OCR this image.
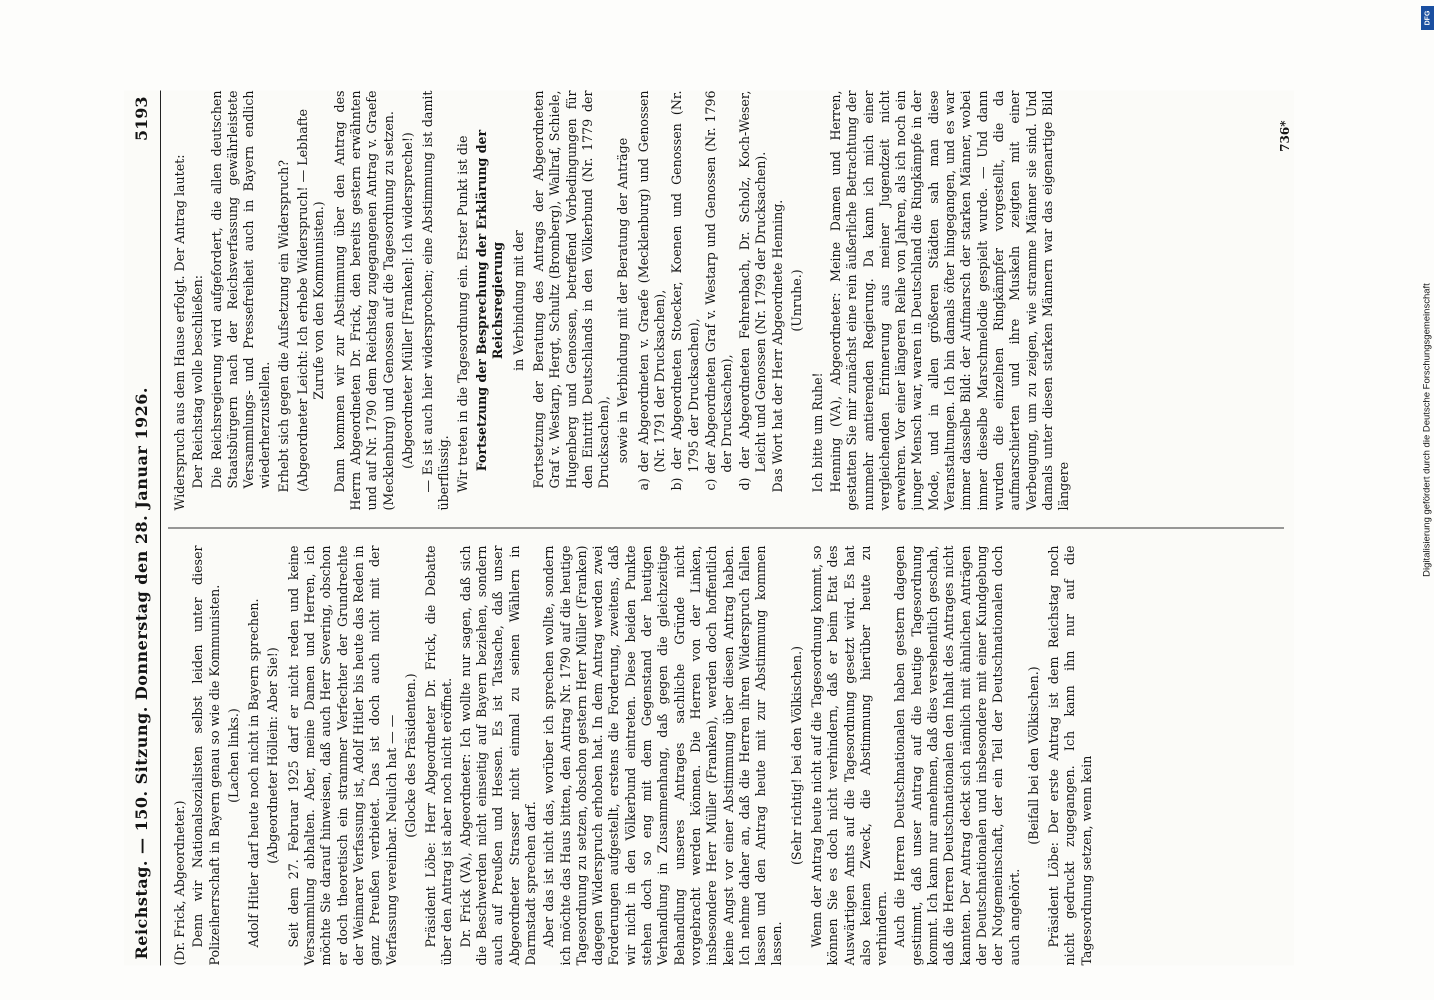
Reichstag. — 150. Sitzung. Donnerstag den 28. Januar 1926.
5193

(Dr. Frick, Abgeordneter.) Denn wir Nationalsozialisten selbst leiden unter dieser Polizeiherrschaft in Bayern genau so wie die Kommunisten. (Lachen links.) Adolf Hitler darf heute noch nicht in Bayern sprechen. (Abgeordneter Höllein: Aber Sie!) Seit dem 27. Februar 1925 darf er nicht reden und keine Versammlung abhalten. Aber, meine Damen und Herren, ich möchte Sie darauf hinweisen, daß auch Herr Severing, obschon er doch theoretisch ein strammer Verfechter der Grundrechte der Weimarer Verfassung ist, Adolf Hitler bis heute das Reden in ganz Preußen verbietet. Das ist doch auch nicht mit der Verfassung vereinbar. Neulich hat — — (Glocke des Präsidenten.) Präsident Löbe: Herr Abgeordneter Dr. Frick, die Debatte über den Antrag ist aber noch nicht eröffnet. Dr. Frick (VA), Abgeordneter: Ich wollte nur sagen, daß sich die Beschwerden nicht einseitig auf Bayern beziehen, sondern auch auf Preußen und Hessen. Es ist Tatsache, daß unser Abgeordneter Strasser nicht einmal zu seinen Wählern in Darmstadt sprechen darf. Aber das ist nicht das, worüber ich sprechen wollte, sondern ich möchte das Haus bitten, den Antrag Nr. 1790 auf die heutige Tagesordnung zu setzen, obschon gestern Herr Müller (Franken) dagegen Widerspruch erhoben hat. In dem Antrag werden zwei Forderungen aufgestellt, erstens die Forderung, zweitens, daß wir nicht in den Völkerbund eintreten. Diese beiden Punkte stehen doch so eng mit dem Gegenstand der heutigen Verhandlung in Zusammenhang, daß gegen die gleichzeitige Behandlung unseres Antrages sachliche Gründe nicht vorgebracht werden können. Die Herren von der Linken, insbesondere Herr Müller (Franken), werden doch hoffentlich keine Angst vor einer Abstimmung über diesen Antrag haben. Ich nehme daher an, daß die Herren ihren Widerspruch fallen lassen und den Antrag heute mit zur Abstimmung kommen lassen.

(Sehr richtig! bei den Völkischen.) Wenn der Antrag heute nicht auf die Tagesordnung kommt, so können Sie es doch nicht verhindern, daß er beim Etat des Auswärtigen Amts auf die Tagesordnung gesetzt wird. Es hat also keinen Zweck, die Abstimmung hierüber heute zu verhindern. Auch die Herren Deutschnationalen haben gestern dagegen gestimmt, daß unser Antrag auf die heutige Tagesordnung kommt. Ich kann nur annehmen, daß dies versehentlich geschah, daß die Herren Deutschnationalen den Inhalt des Antrages nicht kannten. Der Antrag deckt sich nämlich mit ähnlichen Anträgen der Deutschnationalen und insbesondere mit einer Kundgebung der Notgemeinschaft, der ein Teil der Deutschnationalen doch auch angehört.

(Beifall bei den Völkischen.) Präsident Löbe: Der erste Antrag ist dem Reichstag noch nicht gedruckt zugegangen. Ich kann ihn nur auf die Tagesordnung setzen, wenn kein

Widerspruch aus dem Hause erfolgt. Der Antrag lautet: Der Reichstag wolle beschließen: Die Reichsregierung wird aufgefordert, die allen deutschen Staatsbürgern nach der Reichsverfassung gewährleistete Versammlungs- und Pressefreiheit auch in Bayern endlich wiederherzustellen. Erhebt sich gegen die Aufsetzung ein Widerspruch? (Abgeordneter Leicht: Ich erhebe Widerspruch! — Lebhafte Zurufe von den Kommunisten.) Dann kommen wir zur Abstimmung über den Antrag des Herrn Abgeordneten Dr. Frick, den bereits gestern erwähnten und auf Nr. 1790 dem Reichstag zugegangenen Antrag v. Graefe (Mecklenburg) und Genossen auf die Tagesordnung zu setzen. (Abgeordneter Müller [Franken]: Ich widerspreche!) — Es ist auch hier widersprochen; eine Abstimmung ist damit überflüssig. Wir treten in die Tagesordnung ein. Erster Punkt ist die Fortsetzung der Besprechung der Erklärung der Reichsregierung in Verbindung mit der Fortsetzung der Beratung des Antrags der Abgeordneten Graf v. Westarp, Hergt, Schultz (Bromberg), Wallraf, Schiele, Hugenberg und Genossen, betreffend Vorbedingungen für den Eintritt Deutschlands in den Völkerbund (Nr. 1779 der Drucksachen), sowie in Verbindung mit der Beratung der Anträge a) der Abgeordneten v. Graefe (Mecklenburg) und Genossen (Nr. 1791 der Drucksachen), b) der Abgeordneten Stoecker, Koenen und Genossen (Nr. 1795 der Drucksachen), c) der Abgeordneten Graf v. Westarp und Genossen (Nr. 1796 der Drucksachen), d) der Abgeordneten Fehrenbach, Dr. Scholz, Koch-Weser, Leicht und Genossen (Nr. 1799 der Drucksachen). Das Wort hat der Herr Abgeordnete Henning. (Unruhe.)

Ich bitte um Ruhe! Henning (VA), Abgeordneter: Meine Damen und Herren, gestatten Sie mir zunächst eine rein äußerliche Betrachtung der nunmehr amtierenden Regierung. Da kann ich mich einer vergleichenden Erinnerung aus meiner Jugendzeit nicht erwehren. Vor einer längeren Reihe von Jahren, als ich noch ein junger Mensch war, waren in Deutschland die Ringkämpfe in der Mode, und in allen größeren Städten sah man diese Veranstaltungen. Ich bin damals öfter hingegangen, und es war immer dasselbe Bild: der Aufmarsch der starken Männer, wobei immer dieselbe Marschmelodie gespielt wurde. — Und dann wurden die einzelnen Ringkämpfer vorgestellt, die da aufmarschierten und ihre Muskeln zeigten mit einer Verbeugung, um zu zeigen, wie stramme Männer sie sind. Und damals unter diesen starken Männern war das eigenartige Bild längere

736*
DFG
Digitalisierung gefördert durch die Deutsche Forschungsgemeinschaft
